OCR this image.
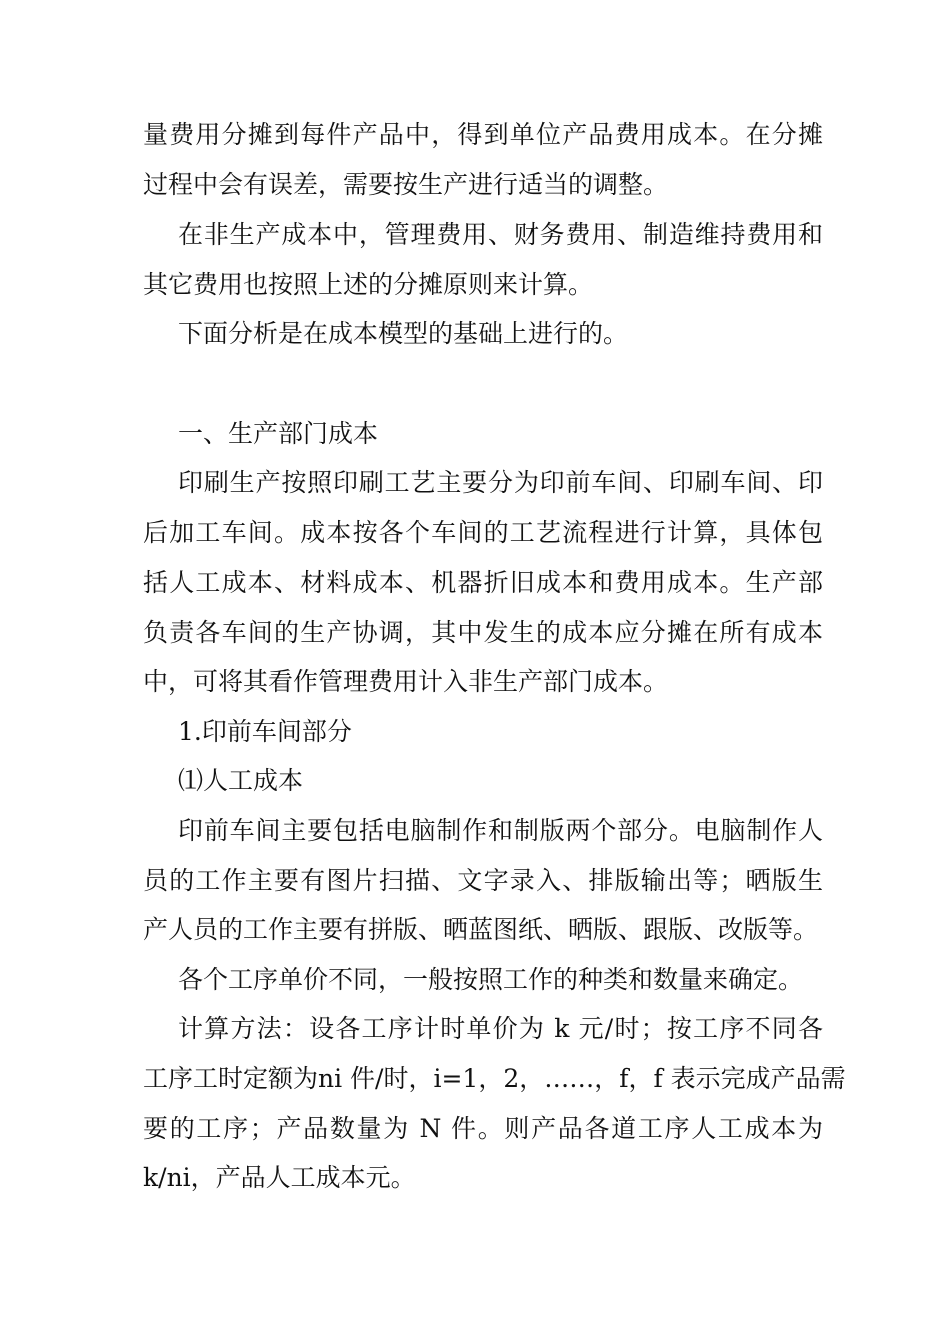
量费用分摊到每件产品中，得到单位产品费用成本。在分摊
过程中会有误差，需要按生产进行适当的调整。
在非生产成本中，管理费用、财务费用、制造维持费用和
其它费用也按照上述的分摊原则来计算。
下面分析是在成本模型的基础上进行的。
一、生产部门成本
印刷生产按照印刷工艺主要分为印前车间、印刷车间、印
后加工车间。成本按各个车间的工艺流程进行计算，具体包
括人工成本、材料成本、机器折旧成本和费用成本。生产部
负责各车间的生产协调，其中发生的成本应分摊在所有成本
中，可将其看作管理费用计入非生产部门成本。
1.印前车间部分
⑴人工成本
印前车间主要包括电脑制作和制版两个部分。电脑制作人
员的工作主要有图片扫描、文字录入、排版输出等；晒版生
产人员的工作主要有拼版、晒蓝图纸、晒版、跟版、改版等。
各个工序单价不同，一般按照工作的种类和数量来确定。
计算方法：设各工序计时单价为 k 元/时；按工序不同各
工序工时定额为ni 件/时，i=1，2，……，f，f 表示完成产品需
要的工序；产品数量为 N 件。则产品各道工序人工成本为
k/ni，产品人工成本元。
